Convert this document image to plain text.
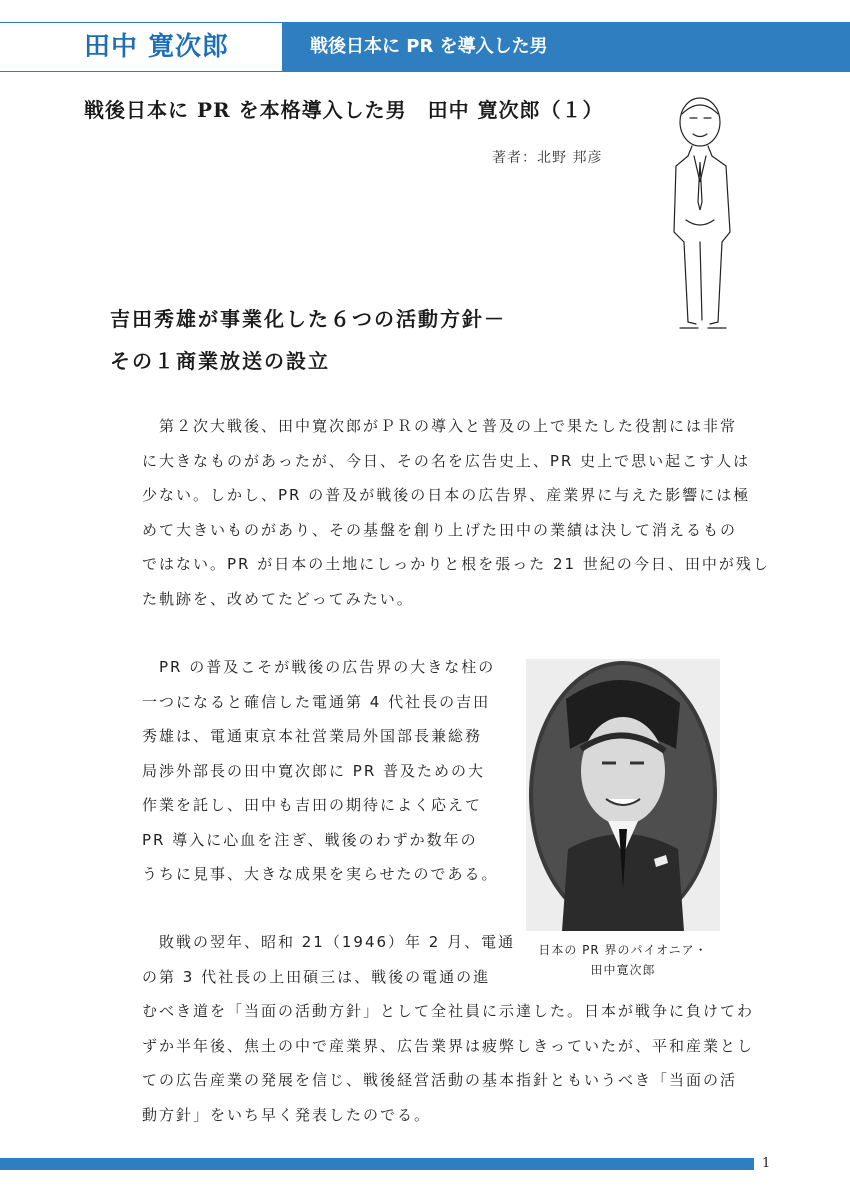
田中 寛次郎	戦後日本に PR を導入した男
戦後日本に PR を本格導入した男　田中 寛次郎（１）
著者：北野 邦彦
吉田秀雄が事業化した６つの活動方針－
その１商業放送の設立
　第２次大戦後、田中寛次郎がＰＲの導入と普及の上で果たした役割には非常
に大きなものがあったが、今日、その名を広告史上、PR 史上で思い起こす人は
少ない。しかし、PR の普及が戦後の日本の広告界、産業界に与えた影響には極
めて大きいものがあり、その基盤を創り上げた田中の業績は決して消えるもの
ではない。PR が日本の土地にしっかりと根を張った 21 世紀の今日、田中が残し
た軌跡を、改めてたどってみたい。
　PR の普及こそが戦後の広告界の大きな柱の
一つになると確信した電通第 4 代社長の吉田
秀雄は、電通東京本社営業局外国部長兼総務
局渉外部長の田中寛次郎に PR 普及ための大
作業を託し、田中も吉田の期待によく応えて
PR 導入に心血を注ぎ、戦後のわずか数年の
うちに見事、大きな成果を実らせたのである。
日本の PR 界のパイオニア・
田中寛次郎
　敗戦の翌年、昭和 21（1946）年 2 月、電通
の第 3 代社長の上田碩三は、戦後の電通の進
むべき道を「当面の活動方針」として全社員に示達した。日本が戦争に負けてわ
ずか半年後、焦土の中で産業界、広告業界は疲弊しきっていたが、平和産業とし
ての広告産業の発展を信じ、戦後経営活動の基本指針ともいうべき「当面の活
動方針」をいち早く発表したのでる。
1
